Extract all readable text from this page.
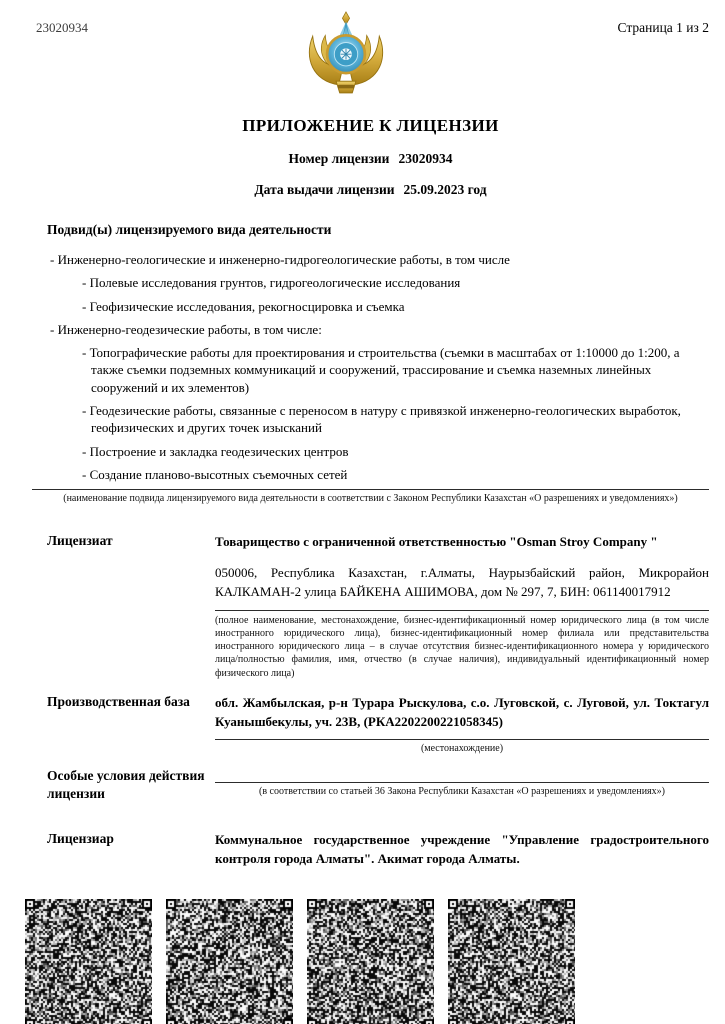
23020934	Страница 1 из 2
ПРИЛОЖЕНИЕ К ЛИЦЕНЗИИ
Номер лицензии 23020934
Дата выдачи лицензии 25.09.2023 год
Подвид(ы) лицензируемого вида деятельности
- Инженерно-геологические и инженерно-гидрогеологические работы, в том числе
- Полевые исследования грунтов, гидрогеологические исследования
- Геофизические исследования, рекогносцировка и съемка
- Инженерно-геодезические работы, в том числе:
- Топографические работы для проектирования и строительства (съемки в масштабах от 1:10000 до 1:200, а также съемки подземных коммуникаций и сооружений, трассирование и съемка наземных линейных сооружений и их элементов)
- Геодезические работы, связанные с переносом в натуру с привязкой инженерно-геологических выработок, геофизических и других точек изысканий
- Построение и закладка геодезических центров
- Создание планово-высотных съемочных сетей
(наименование подвида лицензируемого вида деятельности в соответствии с Законом Республики Казахстан «О разрешениях и уведомлениях»)
Лицензиат	Товарищество с ограниченной ответственностью "Osman Stroy Company "

050006, Республика Казахстан, г.Алматы, Наурызбайский район, Микрорайон КАЛКАМАН-2 улица БАЙКЕНА АШИМОВА, дом № 297, 7, БИН: 061140017912

(полное наименование, местонахождение, бизнес-идентификационный номер юридического лица (в том числе иностранного юридического лица), бизнес-идентификационный номер филиала или представительства иностранного юридического лица – в случае отсутствия бизнес-идентификационного номера у юридического лица/полностью фамилия, имя, отчество (в случае наличия), индивидуальный идентификационный номер физического лица)
Производственная база	обл. Жамбылская, р-н Турара Рыскулова, с.о. Луговской, с. Луговой, ул. Токтагул Куанышбекулы, уч. 23В, (РКА2202200221058345)

(местонахождение)
Особые условия действия лицензии	(в соответствии со статьей 36 Закона Республики Казахстан «О разрешениях и уведомлениях»)
Лицензиар	Коммунальное государственное учреждение "Управление градостроительного контроля города Алматы". Акимат города Алматы.
